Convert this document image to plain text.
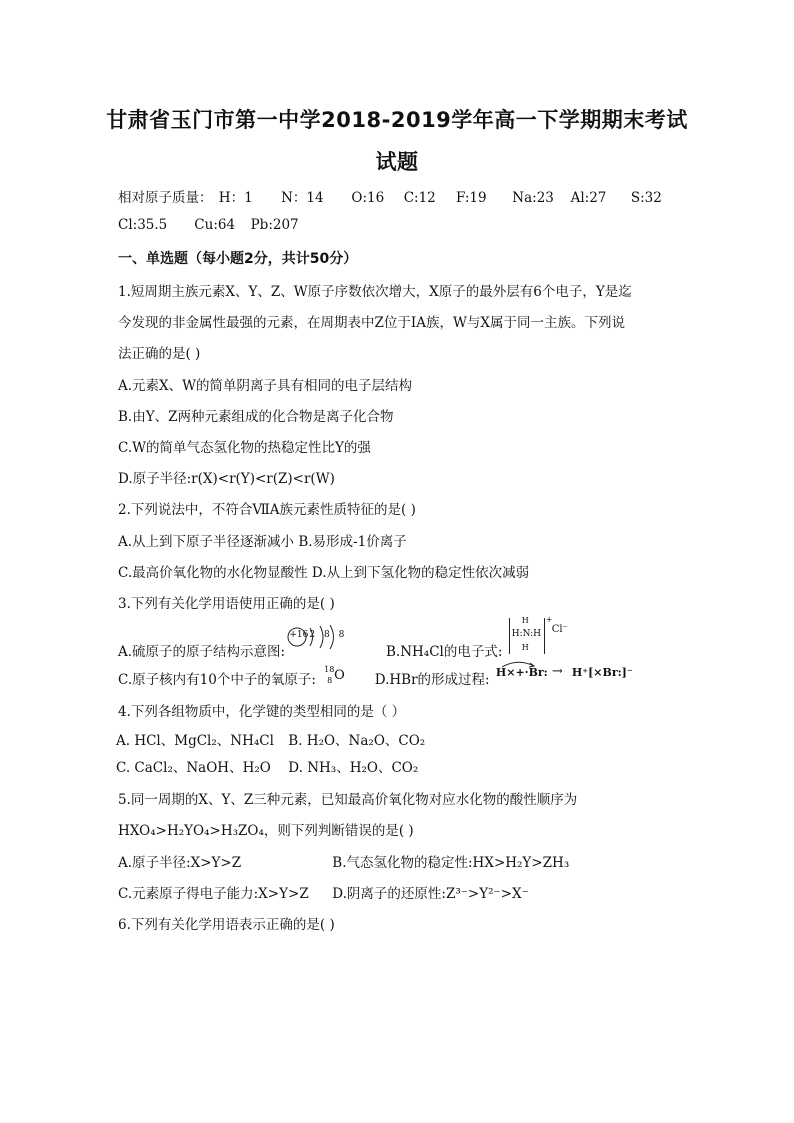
甘肃省玉门市第一中学2018-2019学年高一下学期期末考试
试题
相对原子质量： H：1 N：14 O:16 C:12 F:19 Na:23 Al:27 S:32
Cl:35.5 Cu:64 Pb:207
一、单选题（每小题2分，共计50分）
1.短周期主族元素X、Y、Z、W原子序数依次增大，X原子的最外层有6个电子，Y是迄
今发现的非金属性最强的元素，在周期表中Z位于IA族，W与X属于同一主族。下列说
法正确的是( )
A.元素X、W的简单阴离子具有相同的电子层结构
B.由Y、Z两种元素组成的化合物是离子化合物
C.W的简单气态氢化物的热稳定性比Y的强
D.原子半径:r(X)<r(Y)<r(Z)<r(W)
2.下列说法中，不符合ⅦA族元素性质特征的是( )
A.从上到下原子半径逐渐减小 B.易形成-1价离子
C.最高价氧化物的水化物显酸性 D.从上到下氢化物的稳定性依次减弱
3.下列有关化学用语使用正确的是( )
A.硫原子的原子结构示意图:
+16 2 8 8
B.NH₄Cl的电子式:
H
H:N:H
H
+
Cl⁻
C.原子核内有10个中子的氧原子:
18
8 O D.HBr的形成过程: H×+·Br: → H⁺[×Br:]⁻
4.下列各组物质中，化学键的类型相同的是（ ）
A. HCl、MgCl₂、NH₄Cl B. H₂O、Na₂O、CO₂
C. CaCl₂、NaOH、H₂O D. NH₃、H₂O、CO₂
5.同一周期的X、Y、Z三种元素，已知最高价氧化物对应水化物的酸性顺序为
HXO₄>H₂YO₄>H₃ZO₄，则下列判断错误的是( )
A.原子半径:X>Y>Z	B.气态氢化物的稳定性:HX>H₂Y>ZH₃
C.元素原子得电子能力:X>Y>Z D.阴离子的还原性:Z³⁻>Y²⁻>X⁻
6.下列有关化学用语表示正确的是( )
